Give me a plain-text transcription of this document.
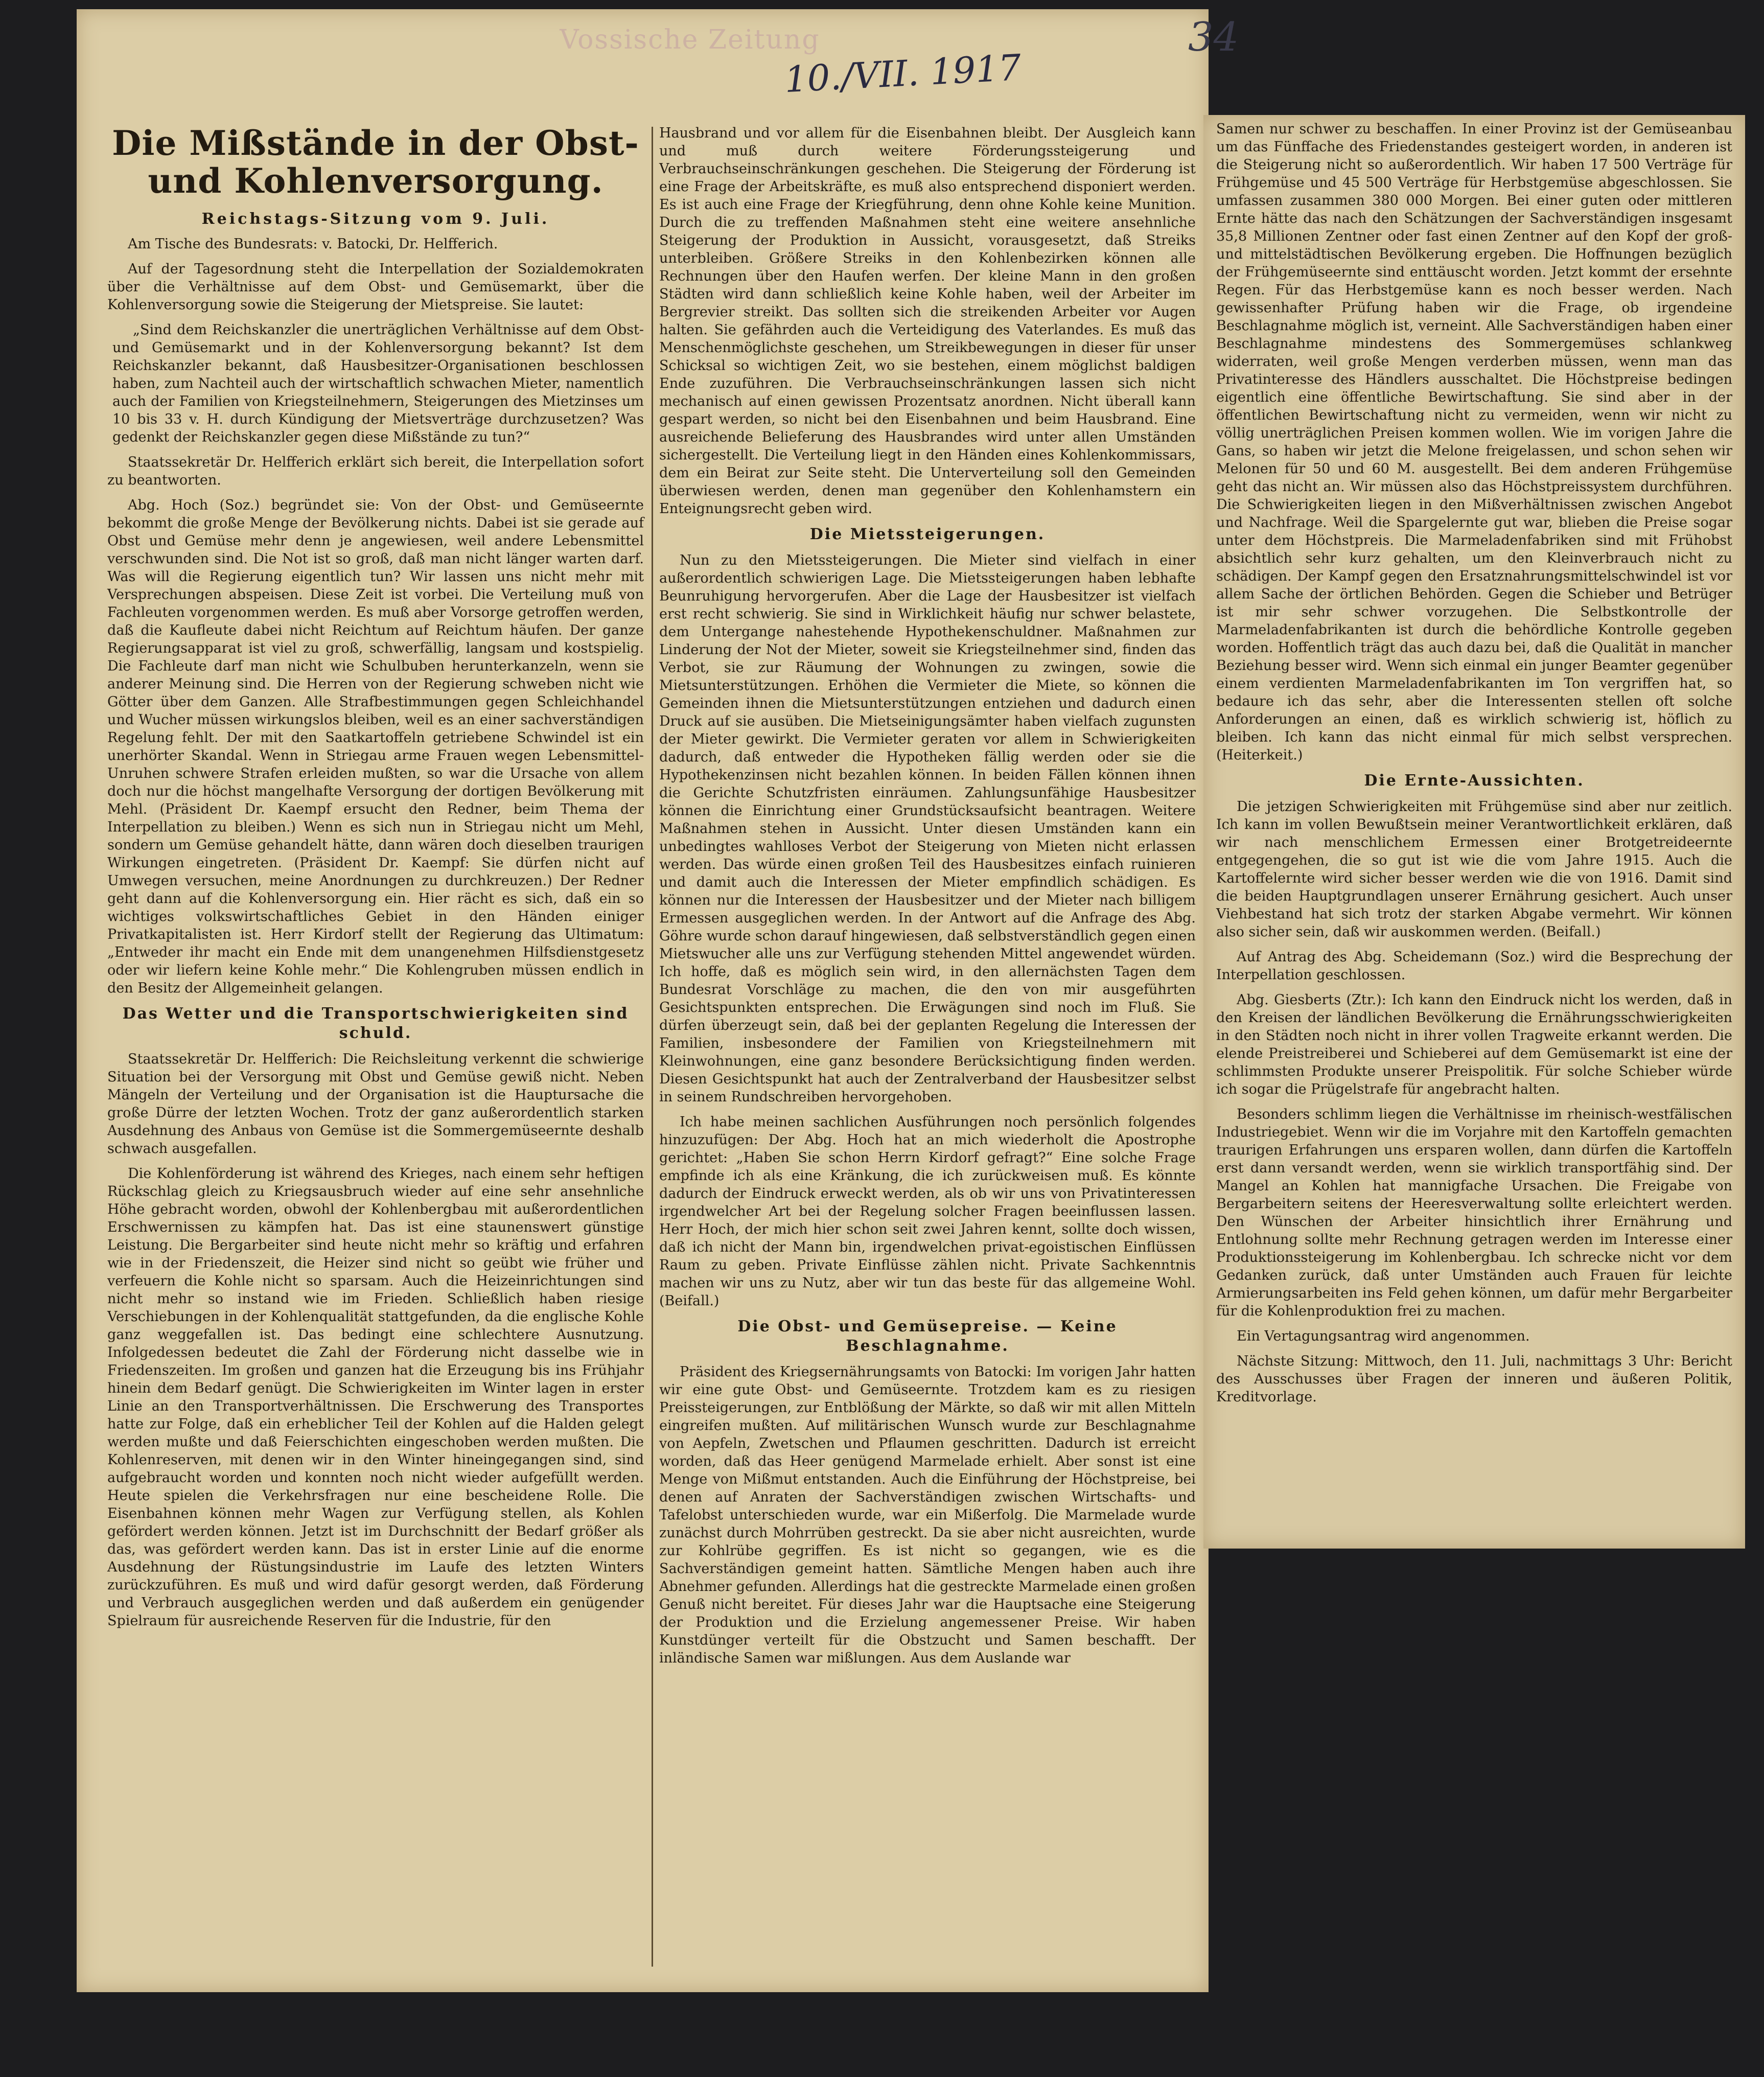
Vossische Zeitung
10./VII. 1917
34
Die Mißstände in der Obst- und Kohlenversorgung.
Reichstags-Sitzung vom 9. Juli.

Am Tische des Bundesrats: v. Batocki, Dr. Helfferich.

Auf der Tagesordnung steht die Interpellation der Sozialdemokraten über die Verhältnisse auf dem Obst- und Gemüsemarkt, über die Kohlenversorgung sowie die Steigerung der Mietspreise. Sie lautet:

„Sind dem Reichskanzler die unerträglichen Verhältnisse auf dem Obst- und Gemüsemarkt und in der Kohlenversorgung bekannt? Ist dem Reichskanzler bekannt, daß Hausbesitzer-Organisationen beschlossen haben, zum Nachteil auch der wirtschaftlich schwachen Mieter, namentlich auch der Familien von Kriegsteilnehmern, Steigerungen des Mietzinses um 10 bis 33 v. H. durch Kündigung der Mietsverträge durchzusetzen? Was gedenkt der Reichskanzler gegen diese Mißstände zu tun?“

Staatssekretär Dr. Helfferich erklärt sich bereit, die Interpellation sofort zu beantworten.

Abg. Hoch (Soz.) begründet sie: Von der Obst- und Gemüseernte bekommt die große Menge der Bevölkerung nichts. Dabei ist sie gerade auf Obst und Gemüse mehr denn je angewiesen, weil andere Lebensmittel verschwunden sind. Die Not ist so groß, daß man nicht länger warten darf. Was will die Regierung eigentlich tun? Wir lassen uns nicht mehr mit Versprechungen abspeisen. Diese Zeit ist vorbei. Die Verteilung muß von Fachleuten vorgenommen werden. Es muß aber Vorsorge getroffen werden, daß die Kaufleute dabei nicht Reichtum auf Reichtum häufen. Der ganze Regierungsapparat ist viel zu groß, schwerfällig, langsam und kostspielig. Die Fachleute darf man nicht wie Schulbuben herunterkanzeln, wenn sie anderer Meinung sind. Die Herren von der Regierung schweben nicht wie Götter über dem Ganzen. Alle Strafbestimmungen gegen Schleichhandel und Wucher müssen wirkungslos bleiben, weil es an einer sachverständigen Regelung fehlt. Der mit den Saatkartoffeln getriebene Schwindel ist ein unerhörter Skandal. Wenn in Striegau arme Frauen wegen Lebensmittel-Unruhen schwere Strafen erleiden mußten, so war die Ursache von allem doch nur die höchst mangelhafte Versorgung der dortigen Bevölkerung mit Mehl. (Präsident Dr. Kaempf ersucht den Redner, beim Thema der Interpellation zu bleiben.) Wenn es sich nun in Striegau nicht um Mehl, sondern um Gemüse gehandelt hätte, dann wären doch dieselben traurigen Wirkungen eingetreten. (Präsident Dr. Kaempf: Sie dürfen nicht auf Umwegen versuchen, meine Anordnungen zu durchkreuzen.) Der Redner geht dann auf die Kohlenversorgung ein. Hier rächt es sich, daß ein so wichtiges volkswirtschaftliches Gebiet in den Händen einiger Privatkapitalisten ist. Herr Kirdorf stellt der Regierung das Ultimatum: „Entweder ihr macht ein Ende mit dem unangenehmen Hilfsdienstgesetz oder wir liefern keine Kohle mehr.“ Die Kohlengruben müssen endlich in den Besitz der Allgemeinheit gelangen.

Das Wetter und die Transportschwierigkeiten sind schuld.

Staatssekretär Dr. Helfferich: Die Reichsleitung verkennt die schwierige Situation bei der Versorgung mit Obst und Gemüse gewiß nicht. Neben Mängeln der Verteilung und der Organisation ist die Hauptursache die große Dürre der letzten Wochen. Trotz der ganz außerordentlich starken Ausdehnung des Anbaus von Gemüse ist die Sommergemüseernte deshalb schwach ausgefallen.

Die Kohlenförderung ist während des Krieges, nach einem sehr heftigen Rückschlag gleich zu Kriegsausbruch wieder auf eine sehr ansehnliche Höhe gebracht worden, obwohl der Kohlenbergbau mit außerordentlichen Erschwernissen zu kämpfen hat. Das ist eine staunenswert günstige Leistung. Die Bergarbeiter sind heute nicht mehr so kräftig und erfahren wie in der Friedenszeit, die Heizer sind nicht so geübt wie früher und verfeuern die Kohle nicht so sparsam. Auch die Heizeinrichtungen sind nicht mehr so instand wie im Frieden. Schließlich haben riesige Verschiebungen in der Kohlenqualität stattgefunden, da die englische Kohle ganz weggefallen ist. Das bedingt eine schlechtere Ausnutzung. Infolgedessen bedeutet die Zahl der Förderung nicht dasselbe wie in Friedenszeiten. Im großen und ganzen hat die Erzeugung bis ins Frühjahr hinein dem Bedarf genügt. Die Schwierigkeiten im Winter lagen in erster Linie an den Transportverhältnissen. Die Erschwerung des Transportes hatte zur Folge, daß ein erheblicher Teil der Kohlen auf die Halden gelegt werden mußte und daß Feierschichten eingeschoben werden mußten. Die Kohlenreserven, mit denen wir in den Winter hineingegangen sind, sind aufgebraucht worden und konnten noch nicht wieder aufgefüllt werden. Heute spielen die Verkehrsfragen nur eine bescheidene Rolle. Die Eisenbahnen können mehr Wagen zur Verfügung stellen, als Kohlen gefördert werden können. Jetzt ist im Durchschnitt der Bedarf größer als das, was gefördert werden kann. Das ist in erster Linie auf die enorme Ausdehnung der Rüstungsindustrie im Laufe des letzten Winters zurückzuführen. Es muß und wird dafür gesorgt werden, daß Förderung und Verbrauch ausgeglichen werden und daß außerdem ein genügender Spielraum für ausreichende Reserven für die Industrie, für den

Hausbrand und vor allem für die Eisenbahnen bleibt. Der Ausgleich kann und muß durch weitere Förderungssteigerung und Verbrauchseinschränkungen geschehen. Die Steigerung der Förderung ist eine Frage der Arbeitskräfte, es muß also entsprechend disponiert werden. Es ist auch eine Frage der Kriegführung, denn ohne Kohle keine Munition. Durch die zu treffenden Maßnahmen steht eine weitere ansehnliche Steigerung der Produktion in Aussicht, vorausgesetzt, daß Streiks unterbleiben. Größere Streiks in den Kohlenbezirken können alle Rechnungen über den Haufen werfen. Der kleine Mann in den großen Städten wird dann schließlich keine Kohle haben, weil der Arbeiter im Bergrevier streikt. Das sollten sich die streikenden Arbeiter vor Augen halten. Sie gefährden auch die Verteidigung des Vaterlandes. Es muß das Menschenmöglichste geschehen, um Streikbewegungen in dieser für unser Schicksal so wichtigen Zeit, wo sie bestehen, einem möglichst baldigen Ende zuzuführen. Die Verbrauchseinschränkungen lassen sich nicht mechanisch auf einen gewissen Prozentsatz anordnen. Nicht überall kann gespart werden, so nicht bei den Eisenbahnen und beim Hausbrand. Eine ausreichende Belieferung des Hausbrandes wird unter allen Umständen sichergestellt. Die Verteilung liegt in den Händen eines Kohlenkommissars, dem ein Beirat zur Seite steht. Die Unterverteilung soll den Gemeinden überwiesen werden, denen man gegenüber den Kohlenhamstern ein Enteignungsrecht geben wird.

Die Mietssteigerungen.

Nun zu den Mietssteigerungen. Die Mieter sind vielfach in einer außerordentlich schwierigen Lage. Die Mietssteigerungen haben lebhafte Beunruhigung hervorgerufen. Aber die Lage der Hausbesitzer ist vielfach erst recht schwierig. Sie sind in Wirklichkeit häufig nur schwer belastete, dem Untergange nahestehende Hypothekenschuldner. Maßnahmen zur Linderung der Not der Mieter, soweit sie Kriegsteilnehmer sind, finden das Verbot, sie zur Räumung der Wohnungen zu zwingen, sowie die Mietsunterstützungen. Erhöhen die Vermieter die Miete, so können die Gemeinden ihnen die Mietsunterstützungen entziehen und dadurch einen Druck auf sie ausüben. Die Mietseinigungsämter haben vielfach zugunsten der Mieter gewirkt. Die Vermieter geraten vor allem in Schwierigkeiten dadurch, daß entweder die Hypotheken fällig werden oder sie die Hypothekenzinsen nicht bezahlen können. In beiden Fällen können ihnen die Gerichte Schutzfristen einräumen. Zahlungsunfähige Hausbesitzer können die Einrichtung einer Grundstücksaufsicht beantragen. Weitere Maßnahmen stehen in Aussicht. Unter diesen Umständen kann ein unbedingtes wahlloses Verbot der Steigerung von Mieten nicht erlassen werden. Das würde einen großen Teil des Hausbesitzes einfach ruinieren und damit auch die Interessen der Mieter empfindlich schädigen. Es können nur die Interessen der Hausbesitzer und der Mieter nach billigem Ermessen ausgeglichen werden. In der Antwort auf die Anfrage des Abg. Göhre wurde schon darauf hingewiesen, daß selbstverständlich gegen einen Mietswucher alle uns zur Verfügung stehenden Mittel angewendet würden. Ich hoffe, daß es möglich sein wird, in den allernächsten Tagen dem Bundesrat Vorschläge zu machen, die den von mir ausgeführten Gesichtspunkten entsprechen. Die Erwägungen sind noch im Fluß. Sie dürfen überzeugt sein, daß bei der geplanten Regelung die Interessen der Familien, insbesondere der Familien von Kriegsteilnehmern mit Kleinwohnungen, eine ganz besondere Berücksichtigung finden werden. Diesen Gesichtspunkt hat auch der Zentralverband der Hausbesitzer selbst in seinem Rundschreiben hervorgehoben.

Ich habe meinen sachlichen Ausführungen noch persönlich folgendes hinzuzufügen: Der Abg. Hoch hat an mich wiederholt die Apostrophe gerichtet: „Haben Sie schon Herrn Kirdorf gefragt?“ Eine solche Frage empfinde ich als eine Kränkung, die ich zurückweisen muß. Es könnte dadurch der Eindruck erweckt werden, als ob wir uns von Privatinteressen irgendwelcher Art bei der Regelung solcher Fragen beeinflussen lassen. Herr Hoch, der mich hier schon seit zwei Jahren kennt, sollte doch wissen, daß ich nicht der Mann bin, irgendwelchen privat-egoistischen Einflüssen Raum zu geben. Private Einflüsse zählen nicht. Private Sachkenntnis machen wir uns zu Nutz, aber wir tun das beste für das allgemeine Wohl. (Beifall.)

Die Obst- und Gemüsepreise. — Keine Beschlagnahme.

Präsident des Kriegsernährungsamts von Batocki: Im vorigen Jahr hatten wir eine gute Obst- und Gemüseernte. Trotzdem kam es zu riesigen Preissteigerungen, zur Entblößung der Märkte, so daß wir mit allen Mitteln eingreifen mußten. Auf militärischen Wunsch wurde zur Beschlagnahme von Aepfeln, Zwetschen und Pflaumen geschritten. Dadurch ist erreicht worden, daß das Heer genügend Marmelade erhielt. Aber sonst ist eine Menge von Mißmut entstanden. Auch die Einführung der Höchstpreise, bei denen auf Anraten der Sachverständigen zwischen Wirtschafts- und Tafelobst unterschieden wurde, war ein Mißerfolg. Die Marmelade wurde zunächst durch Mohrrüben gestreckt. Da sie aber nicht ausreichten, wurde zur Kohlrübe gegriffen. Es ist nicht so gegangen, wie es die Sachverständigen gemeint hatten. Sämtliche Mengen haben auch ihre Abnehmer gefunden. Allerdings hat die gestreckte Marmelade einen großen Genuß nicht bereitet. Für dieses Jahr war die Hauptsache eine Steigerung der Produktion und die Erzielung angemessener Preise. Wir haben Kunstdünger verteilt für die Obstzucht und Samen beschafft. Der inländische Samen war mißlungen. Aus dem Auslande war

Samen nur schwer zu beschaffen. In einer Provinz ist der Gemüseanbau um das Fünffache des Friedenstandes gesteigert worden, in anderen ist die Steigerung nicht so außerordentlich. Wir haben 17 500 Verträge für Frühgemüse und 45 500 Verträge für Herbstgemüse abgeschlossen. Sie umfassen zusammen 380 000 Morgen. Bei einer guten oder mittleren Ernte hätte das nach den Schätzungen der Sachverständigen insgesamt 35,8 Millionen Zentner oder fast einen Zentner auf den Kopf der groß- und mittelstädtischen Bevölkerung ergeben. Die Hoffnungen bezüglich der Frühgemüseernte sind enttäuscht worden. Jetzt kommt der ersehnte Regen. Für das Herbstgemüse kann es noch besser werden. Nach gewissenhafter Prüfung haben wir die Frage, ob irgendeine Beschlagnahme möglich ist, verneint. Alle Sachverständigen haben einer Beschlagnahme mindestens des Sommergemüses schlankweg widerraten, weil große Mengen verderben müssen, wenn man das Privatinteresse des Händlers ausschaltet. Die Höchstpreise bedingen eigentlich eine öffentliche Bewirtschaftung. Sie sind aber in der öffentlichen Bewirtschaftung nicht zu vermeiden, wenn wir nicht zu völlig unerträglichen Preisen kommen wollen. Wie im vorigen Jahre die Gans, so haben wir jetzt die Melone freigelassen, und schon sehen wir Melonen für 50 und 60 M. ausgestellt. Bei dem anderen Frühgemüse geht das nicht an. Wir müssen also das Höchstpreissystem durchführen. Die Schwierigkeiten liegen in den Mißverhältnissen zwischen Angebot und Nachfrage. Weil die Spargelernte gut war, blieben die Preise sogar unter dem Höchstpreis. Die Marmeladenfabriken sind mit Frühobst absichtlich sehr kurz gehalten, um den Kleinverbrauch nicht zu schädigen. Der Kampf gegen den Ersatznahrungsmittelschwindel ist vor allem Sache der örtlichen Behörden. Gegen die Schieber und Betrüger ist mir sehr schwer vorzugehen. Die Selbstkontrolle der Marmeladenfabrikanten ist durch die behördliche Kontrolle gegeben worden. Hoffentlich trägt das auch dazu bei, daß die Qualität in mancher Beziehung besser wird. Wenn sich einmal ein junger Beamter gegenüber einem verdienten Marmeladenfabrikanten im Ton vergriffen hat, so bedaure ich das sehr, aber die Interessenten stellen oft solche Anforderungen an einen, daß es wirklich schwierig ist, höflich zu bleiben. Ich kann das nicht einmal für mich selbst versprechen. (Heiterkeit.)

Die Ernte-Aussichten.

Die jetzigen Schwierigkeiten mit Frühgemüse sind aber nur zeitlich. Ich kann im vollen Bewußtsein meiner Verantwortlichkeit erklären, daß wir nach menschlichem Ermessen einer Brotgetreideernte entgegengehen, die so gut ist wie die vom Jahre 1915. Auch die Kartoffelernte wird sicher besser werden wie die von 1916. Damit sind die beiden Hauptgrundlagen unserer Ernährung gesichert. Auch unser Viehbestand hat sich trotz der starken Abgabe vermehrt. Wir können also sicher sein, daß wir auskommen werden. (Beifall.)

Auf Antrag des Abg. Scheidemann (Soz.) wird die Besprechung der Interpellation geschlossen.

Abg. Giesberts (Ztr.): Ich kann den Eindruck nicht los werden, daß in den Kreisen der ländlichen Bevölkerung die Ernährungsschwierigkeiten in den Städten noch nicht in ihrer vollen Tragweite erkannt werden. Die elende Preistreiberei und Schieberei auf dem Gemüsemarkt ist eine der schlimmsten Produkte unserer Preispolitik. Für solche Schieber würde ich sogar die Prügelstrafe für angebracht halten.

Besonders schlimm liegen die Verhältnisse im rheinisch-westfälischen Industriegebiet. Wenn wir die im Vorjahre mit den Kartoffeln gemachten traurigen Erfahrungen uns ersparen wollen, dann dürfen die Kartoffeln erst dann versandt werden, wenn sie wirklich transportfähig sind. Der Mangel an Kohlen hat mannigfache Ursachen. Die Freigabe von Bergarbeitern seitens der Heeresverwaltung sollte erleichtert werden. Den Wünschen der Arbeiter hinsichtlich ihrer Ernährung und Entlohnung sollte mehr Rechnung getragen werden im Interesse einer Produktionssteigerung im Kohlenbergbau. Ich schrecke nicht vor dem Gedanken zurück, daß unter Umständen auch Frauen für leichte Armierungsarbeiten ins Feld gehen können, um dafür mehr Bergarbeiter für die Kohlenproduktion frei zu machen.

Ein Vertagungsantrag wird angenommen.

Nächste Sitzung: Mittwoch, den 11. Juli, nachmittags 3 Uhr: Bericht des Ausschusses über Fragen der inneren und äußeren Politik, Kreditvorlage.
